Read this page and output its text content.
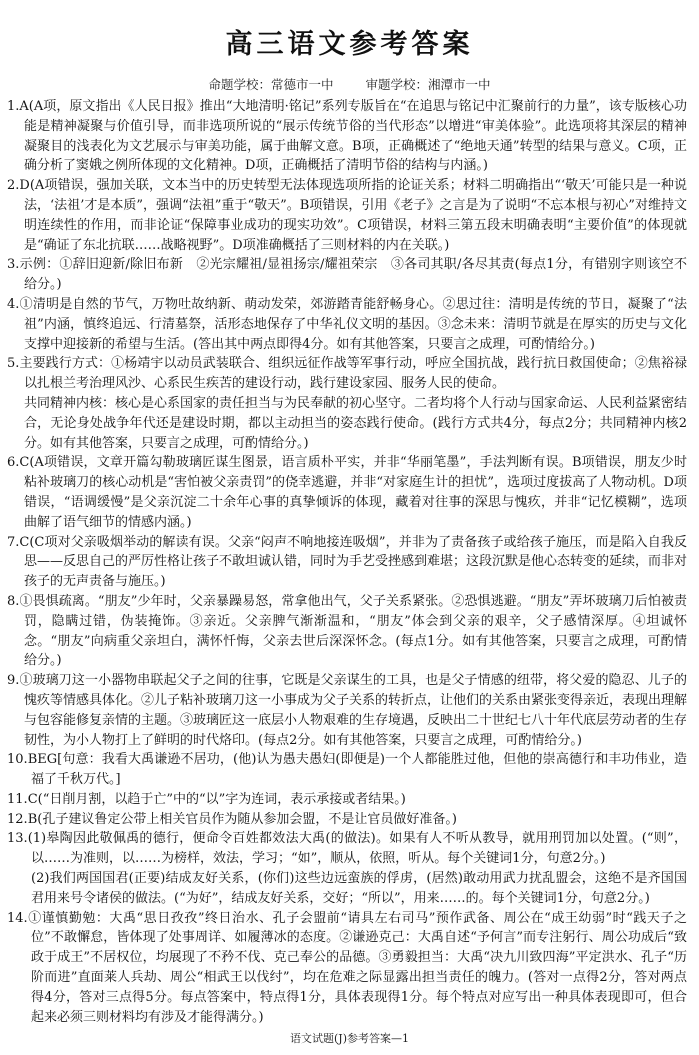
高三语文参考答案
命题学校：常德市一中	审题学校：湘潭市一中

1.A(A项，原文指出《人民日报》推出“大地清明·铭记”系列专版旨在“在追思与铭记中汇聚前行的力量”，该专版核心功能是精神凝聚与价值引导，而非选项所说的“展示传统节俗的当代形态”以增进“审美体验”。此选项将其深层的精神凝聚目的浅表化为文艺展示与审美功能，属于曲解文意。B项，正确概述了“绝地天通”转型的结果与意义。C项，正确分析了窦娥之例所体现的文化精神。D项，正确概括了清明节俗的结构与内涵。)

2.D(A项错误，强加关联，文本当中的历史转型无法体现选项所指的论证关系；材料二明确指出“‘敬天’可能只是一种说法，‘法祖’才是本质”，强调“法祖”重于“敬天”。B项错误，引用《老子》之言是为了说明“不忘本根与初心”对维持文明连续性的作用，而非论证“保障事业成功的现实功效”。C项错误，材料三第五段末明确表明“主要价值”的体现就是“确证了东北抗联……战略视野”。D项准确概括了三则材料的内在关联。)

3.示例：①辞旧迎新/除旧布新　②光宗耀祖/显祖扬宗/耀祖荣宗　③各司其职/各尽其责(每点1分，有错别字则该空不给分。)

4.①清明是自然的节气，万物吐故纳新、萌动发荣，郊游踏青能舒畅身心。②思过往：清明是传统的节日，凝聚了“法祖”内涵，慎终追远、行清墓祭，活形态地保存了中华礼仪文明的基因。③念未来：清明节就是在厚实的历史与文化支撑中迎接新的希望与生活。(答出其中两点即得4分。如有其他答案，只要言之成理，可酌情给分。)

5.主要践行方式：①杨靖宇以动员武装联合、组织远征作战等军事行动，呼应全国抗战，践行抗日救国使命；②焦裕禄以扎根兰考治理风沙、心系民生疾苦的建设行动，践行建设家园、服务人民的使命。

共同精神内核：核心是心系国家的责任担当与为民奉献的初心坚守。二者均将个人行动与国家命运、人民利益紧密结合，无论身处战争年代还是建设时期，都以主动担当的姿态践行使命。(践行方式共4分，每点2分；共同精神内核2分。如有其他答案，只要言之成理，可酌情给分。)

6.C(A项错误，文章开篇勾勒玻璃匠谋生图景，语言质朴平实，并非“华丽笔墨”，手法判断有误。B项错误，朋友少时粘补玻璃刀的核心动机是“害怕被父亲责罚”的侥幸逃避，并非“对家庭生计的担忧”，选项过度拔高了人物动机。D项错误，“语调缓慢”是父亲沉淀二十余年心事的真挚倾诉的体现，藏着对往事的深思与愧疚，并非“记忆模糊”，选项曲解了语气细节的情感内涵。)

7.C(C项对父亲吸烟举动的解读有误。父亲“闷声不响地接连吸烟”，并非为了责备孩子或给孩子施压，而是陷入自我反思——反思自己的严厉性格让孩子不敢坦诚认错，同时为手艺受挫感到难堪；这段沉默是他心态转变的延续，而非对孩子的无声责备与施压。)

8.①畏惧疏离。“朋友”少年时，父亲暴躁易怒，常拿他出气，父子关系紧张。②恐惧逃避。“朋友”弄坏玻璃刀后怕被责罚，隐瞒过错，伪装掩饰。③亲近。父亲脾气渐渐温和，“朋友”体会到父亲的艰辛，父子感情深厚。④坦诚怀念。“朋友”向病重父亲坦白，满怀忏悔，父亲去世后深深怀念。(每点1分。如有其他答案，只要言之成理，可酌情给分。)

9.①玻璃刀这一小器物串联起父子之间的往事，它既是父亲谋生的工具，也是父子情感的纽带，将父爱的隐忍、儿子的愧疚等情感具体化。②儿子粘补玻璃刀这一小事成为父子关系的转折点，让他们的关系由紧张变得亲近，表现出理解与包容能修复亲情的主题。③玻璃匠这一底层小人物艰难的生存境遇，反映出二十世纪七八十年代底层劳动者的生存韧性，为小人物打上了鲜明的时代烙印。(每点2分。如有其他答案，只要言之成理，可酌情给分。)

10.BEG[句意：我看大禹谦逊不居功，(他)认为愚夫愚妇(即便是)一个人都能胜过他，但他的崇高德行和丰功伟业，造福了千秋万代。]

11.C(“日削月割，以趋于亡”中的“以”字为连词，表示承接或者结果。)

12.B(孔子建议鲁定公带上相关官员作为随从参加会盟，不是让官员做好准备。)

13.(1)皋陶因此敬佩禹的德行，便命令百姓都效法大禹(的做法)。如果有人不听从教导，就用刑罚加以处置。(“则”，以……为准则，以……为榜样，效法，学习；“如”，顺从，依照，听从。每个关键词1分，句意2分。)

(2)我们两国国君(正要)结成友好关系，(你们)这些边远蛮族的俘虏，(居然)敢动用武力扰乱盟会，这绝不是齐国国君用来号令诸侯的做法。(“为好”，结成友好关系，交好；“所以”，用来……的。每个关键词1分，句意2分。)

14.①谨慎勤勉：大禹“思日孜孜”终日治水、孔子会盟前“请具左右司马”预作武备、周公在“成王幼弱”时“践天子之位”不敢懈怠，皆体现了处事周详、如履薄冰的态度。②谦逊克己：大禹自述“予何言”而专注躬行、周公功成后“致政于成王”不居权位，均展现了不矜不伐、克己奉公的品德。③勇毅担当：大禹“决九川致四海”平定洪水、孔子“历阶而进”直面莱人兵劫、周公“相武王以伐纣”，均在危难之际显露出担当责任的魄力。(答对一点得2分，答对两点得4分，答对三点得5分。每点答案中，特点得1分，具体表现得1分。每个特点对应写出一种具体表现即可，但合起来必须三则材料均有涉及才能得满分。)

语文试题(J)参考答案—1
